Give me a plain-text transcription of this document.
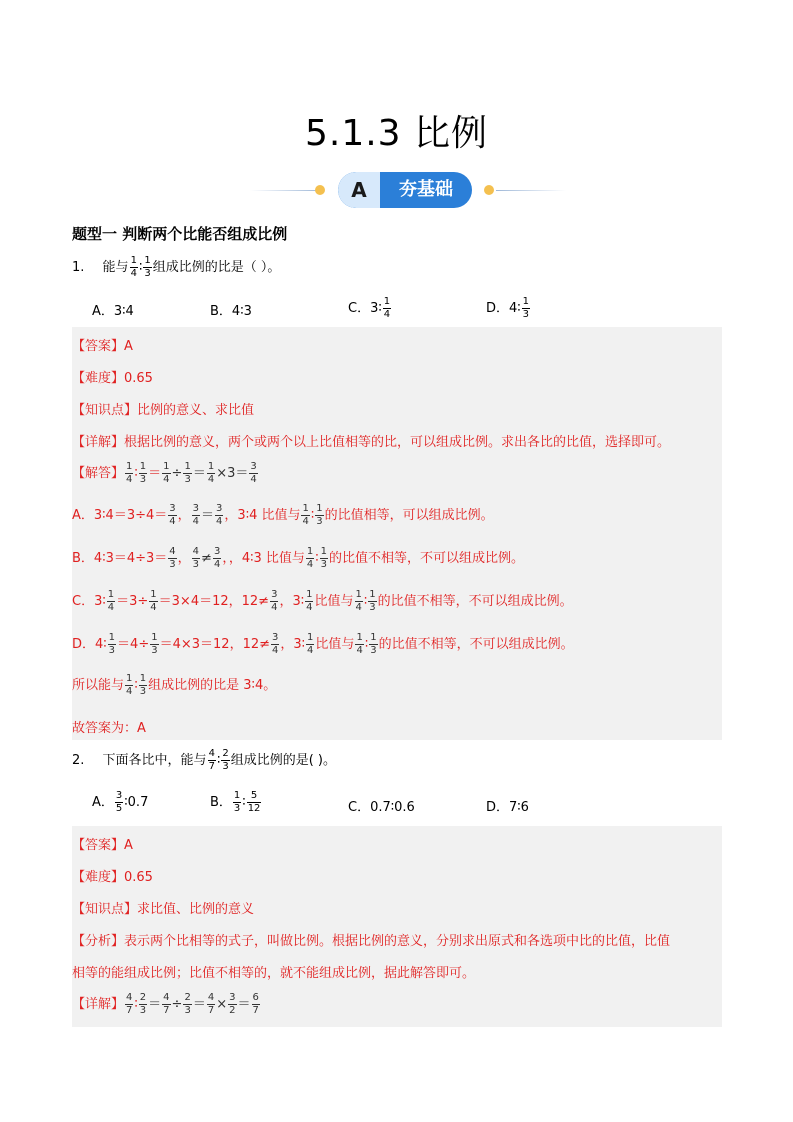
5.1.3 比例
A	夯基础
题型一 判断两个比能否组成比例
1. 能与 $\frac{1}{4}$ ∶ $\frac{1}{3}$ 组成比例的比是（ ）。
A．3∶4	B．4∶3	C．3∶ $\frac{1}{4}$	D．4∶ $\frac{1}{3}$
【答案】A
【难度】0.65
【知识点】比例的意义、求比值
【详解】根据比例的意义，两个或两个以上比值相等的比，可以组成比例。求出各比的比值，选择即可。
【解答】 $\frac{1}{4}$ ∶ $\frac{1}{3} = \frac{1}{4} \div \frac{1}{3} = \frac{1}{4} \times 3= \frac{3}{4}$
A．3∶4＝3÷4＝ $\frac{3}{4}$ ， $\frac{3}{4} = \frac{3}{4}$ ，3∶4 比值与 $\frac{1}{4}$ ∶ $\frac{1}{3}$ 的比值相等，可以组成比例。
B．4∶3＝4÷3＝ $\frac{4}{3}$ ， $\frac{4}{3} \ne \frac{3}{4}$ ，，4∶3 比值与 $\frac{1}{4}$ ∶ $\frac{1}{3}$ 的比值不相等，不可以组成比例。
C．3∶ $\frac{1}{4} =3\div \frac{1}{4} =3\times 4=12$，$12\ne \frac{3}{4}$ ，3∶ $\frac{1}{4}$ 比值与 $\frac{1}{4}$ ∶ $\frac{1}{3}$ 的比值不相等，不可以组成比例。
D．4∶ $\frac{1}{3} =4\div \frac{1}{3} =4\times 3=12$，$12\ne \frac{3}{4}$ ，3∶ $\frac{1}{4}$ 比值与 $\frac{1}{4}$ ∶ $\frac{1}{3}$ 的比值不相等，不可以组成比例。
所以能与 $\frac{1}{4}$ ∶ $\frac{1}{3}$ 组成比例的比是 3∶4。
故答案为：A
2. 下面各比中，能与 $\frac{4}{7}$ ∶ $\frac{2}{3}$ 组成比例的是( )。
A． $\frac{3}{5}$ ∶0.7	B． $\frac{1}{3}$ ∶ $\frac{5}{12}$	C．0.7∶0.6	D．7∶6
【答案】A
【难度】0.65
【知识点】求比值、比例的意义
【分析】表示两个比相等的式子，叫做比例。根据比例的意义，分别求出原式和各选项中比的比值，比值
相等的能组成比例；比值不相等的，就不能组成比例，据此解答即可。
【详解】 $\frac{4}{7}$ ∶ $\frac{2}{3} = \frac{4}{7} \div \frac{2}{3} = \frac{4}{7} \times \frac{3}{2} = \frac{6}{7}$
